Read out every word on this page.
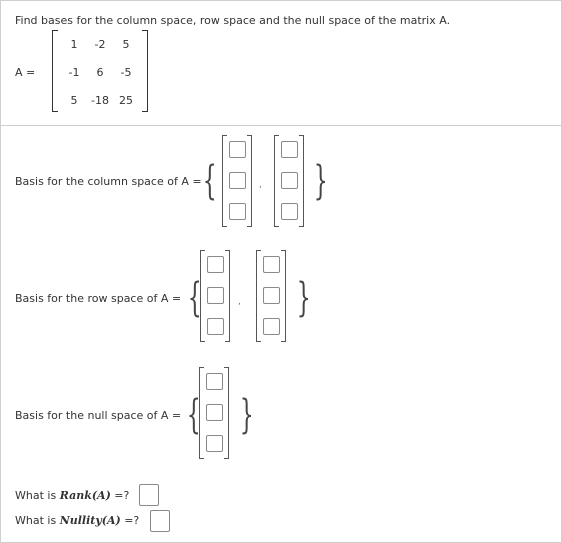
Find bases for the column space, row space and the null space of the matrix A.
A =
1	-2	5
-1	6	-5
5	-18 25
Basis for the column space of A = {	, }
Basis for the row space of A = {	, }
Basis for the null space of A = { }
What is Rank(A) =?
What is Nullity(A) =?
